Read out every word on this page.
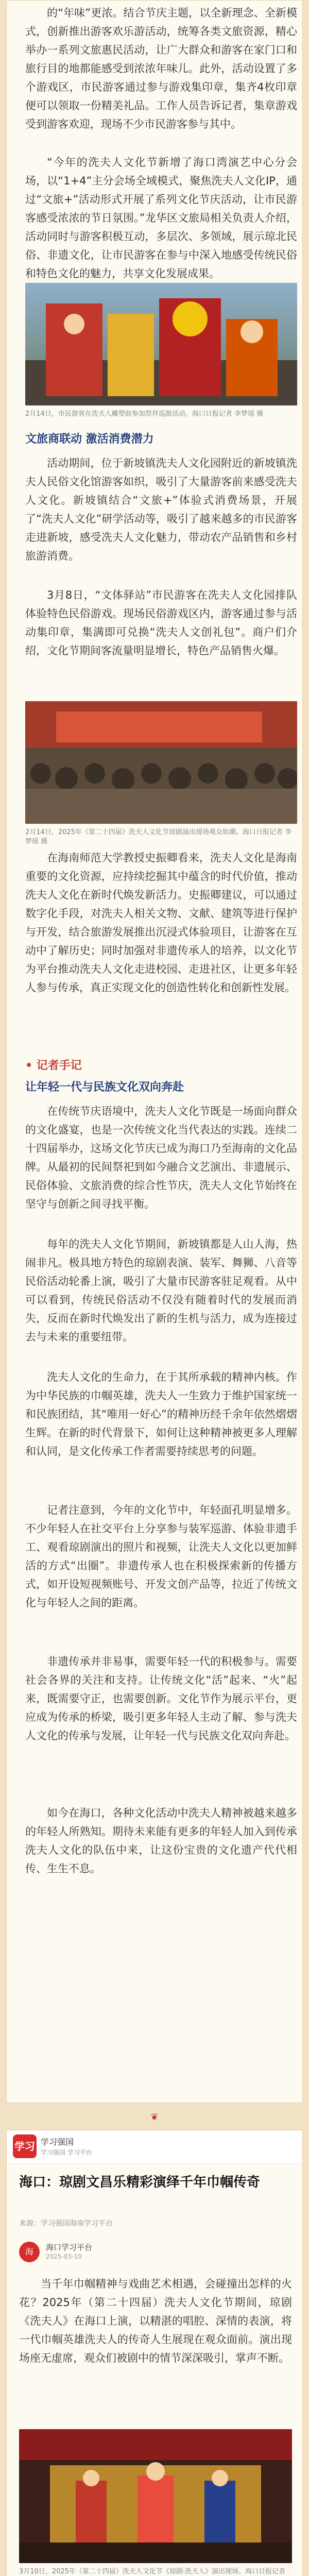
的“年味”更浓。结合节庆主题，以全新理念、全新模式，创新推出游客欢乐游活动，统筹各类文旅资源，精心举办一系列文旅惠民活动，让广大群众和游客在家门口和旅行目的地都能感受到浓浓年味儿。此外，活动设置了多个游戏区，市民游客通过参与游戏集印章，集齐4枚印章便可以领取一份精美礼品。工作人员告诉记者，集章游戏受到游客欢迎，现场不少市民游客参与其中。

“今年的洗夫人文化节新增了海口湾演艺中心分会场，以“1+4”主分会场全域模式，聚焦洗夫人文化IP，通过“文旅+”活动形式开展了系列文化节庆活动，让市民游客感受浓浓的节日氛围。”龙华区文旅局相关负责人介绍，活动同时与游客积极互动，多层次、多领域，展示琼北民俗、非遗文化，让市民游客在参与中深入地感受传统民俗和特色文化的魅力，共享文化发展成果。

2月14日，市民游客在洗夫人雕塑前参加祭拜巡游活动。海口日报记者 李梦瑶 摄

文旅商联动 激活消费潜力

活动期间，位于新坡镇洗夫人文化园附近的新坡镇洗夫人民俗文化馆游客如织，吸引了大量游客前来感受洗夫人文化。新坡镇结合“文旅+”体验式消费场景，开展了“洗夫人文化”研学活动等，吸引了越来越多的市民游客走进新坡，感受冼夫人文化魅力，带动农产品销售和乡村旅游消费。

3月8日，“文体驿站”市民游客在冼夫人文化园排队体验特色民俗游戏。现场民俗游戏区内，游客通过参与活动集印章，集满即可兑换“洗夫人文创礼包”。商户们介绍，文化节期间客流量明显增长，特色产品销售火爆。

2月14日，2025年《第二十四届》洗夫人文化节琼剧演出现场观众如潮。海口日报记者 李梦瑶 摄

在海南师范大学教授史振卿看来，洗夫人文化是海南重要的文化资源，应持续挖掘其中蕴含的时代价值，推动洗夫人文化在新时代焕发新活力。史振卿建议，可以通过数字化手段，对洗夫人相关文物、文献、建筑等进行保护与开发，结合旅游发展推出沉浸式体验项目，让游客在互动中了解历史；同时加强对非遗传承人的培养，以文化节为平台推动洗夫人文化走进校园、走进社区，让更多年轻人参与传承，真正实现文化的创造性转化和创新性发展。

• 记者手记
让年轻一代与民族文化双向奔赴

在传统节庆语境中，洗夫人文化节既是一场面向群众的文化盛宴，也是一次传统文化当代表达的实践。连续二十四届举办，这场文化节庆已成为海口乃至海南的文化品牌。从最初的民间祭祀到如今融合文艺演出、非遗展示、民俗体验、文旅消费的综合性节庆，洗夫人文化节始终在坚守与创新之间寻找平衡。

每年的洗夫人文化节期间，新坡镇都是人山人海，热闹非凡。极具地方特色的琼剧表演、装军、舞狮、八音等民俗活动轮番上演，吸引了大量市民游客驻足观看。从中可以看到，传统民俗活动不仅没有随着时代的发展而消失，反而在新时代焕发出了新的生机与活力，成为连接过去与未来的重要纽带。

洗夫人文化的生命力，在于其所承载的精神内核。作为中华民族的巾帼英雄，洗夫人一生致力于维护国家统一和民族团结，其“唯用一好心”的精神历经千余年依然熠熠生辉。在新的时代背景下，如何让这种精神被更多人理解和认同，是文化传承工作者需要持续思考的问题。

记者注意到，今年的文化节中，年轻面孔明显增多。不少年轻人在社交平台上分享参与装军巡游、体验非遗手工、观看琼剧演出的照片和视频，让洗夫人文化以更加鲜活的方式“出圈”。非遗传承人也在积极探索新的传播方式，如开设短视频账号、开发文创产品等，拉近了传统文化与年轻人之间的距离。

非遗传承并非易事，需要年轻一代的积极参与。需要社会各界的关注和支持。让传统文化“活”起来、“火”起来，既需要守正，也需要创新。文化节作为展示平台，更应成为传承的桥梁，吸引更多年轻人主动了解、参与洗夫人文化的传承与发展，让年轻一代与民族文化双向奔赴。

如今在海口，各种文化活动中洗夫人精神被越来越多的年轻人所熟知。期待未来能有更多的年轻人加入到传承洗夫人文化的队伍中来，让这份宝贵的文化遗产代代相传、生生不息。

❦
学习 学习强国
学习强国 学习平台
海口：琼剧文昌乐精彩演绎千年巾帼传奇
来源：学习强国海南学习平台
海	海口学习平台
2025-03-10

当千年巾帼精神与戏曲艺术相遇，会碰撞出怎样的火花？2025年（第二十四届）洗夫人文化节期间，琼剧《洗夫人》在海口上演，以精湛的唱腔、深情的表演，将一代巾帼英雄洗夫人的传奇人生展现在观众面前。演出现场座无虚席，观众们被剧中的情节深深吸引，掌声不断。

3月10日，2025年（第二十四届）洗夫人文化节《琼剧·洗夫人》演出现场。海口日报记者
